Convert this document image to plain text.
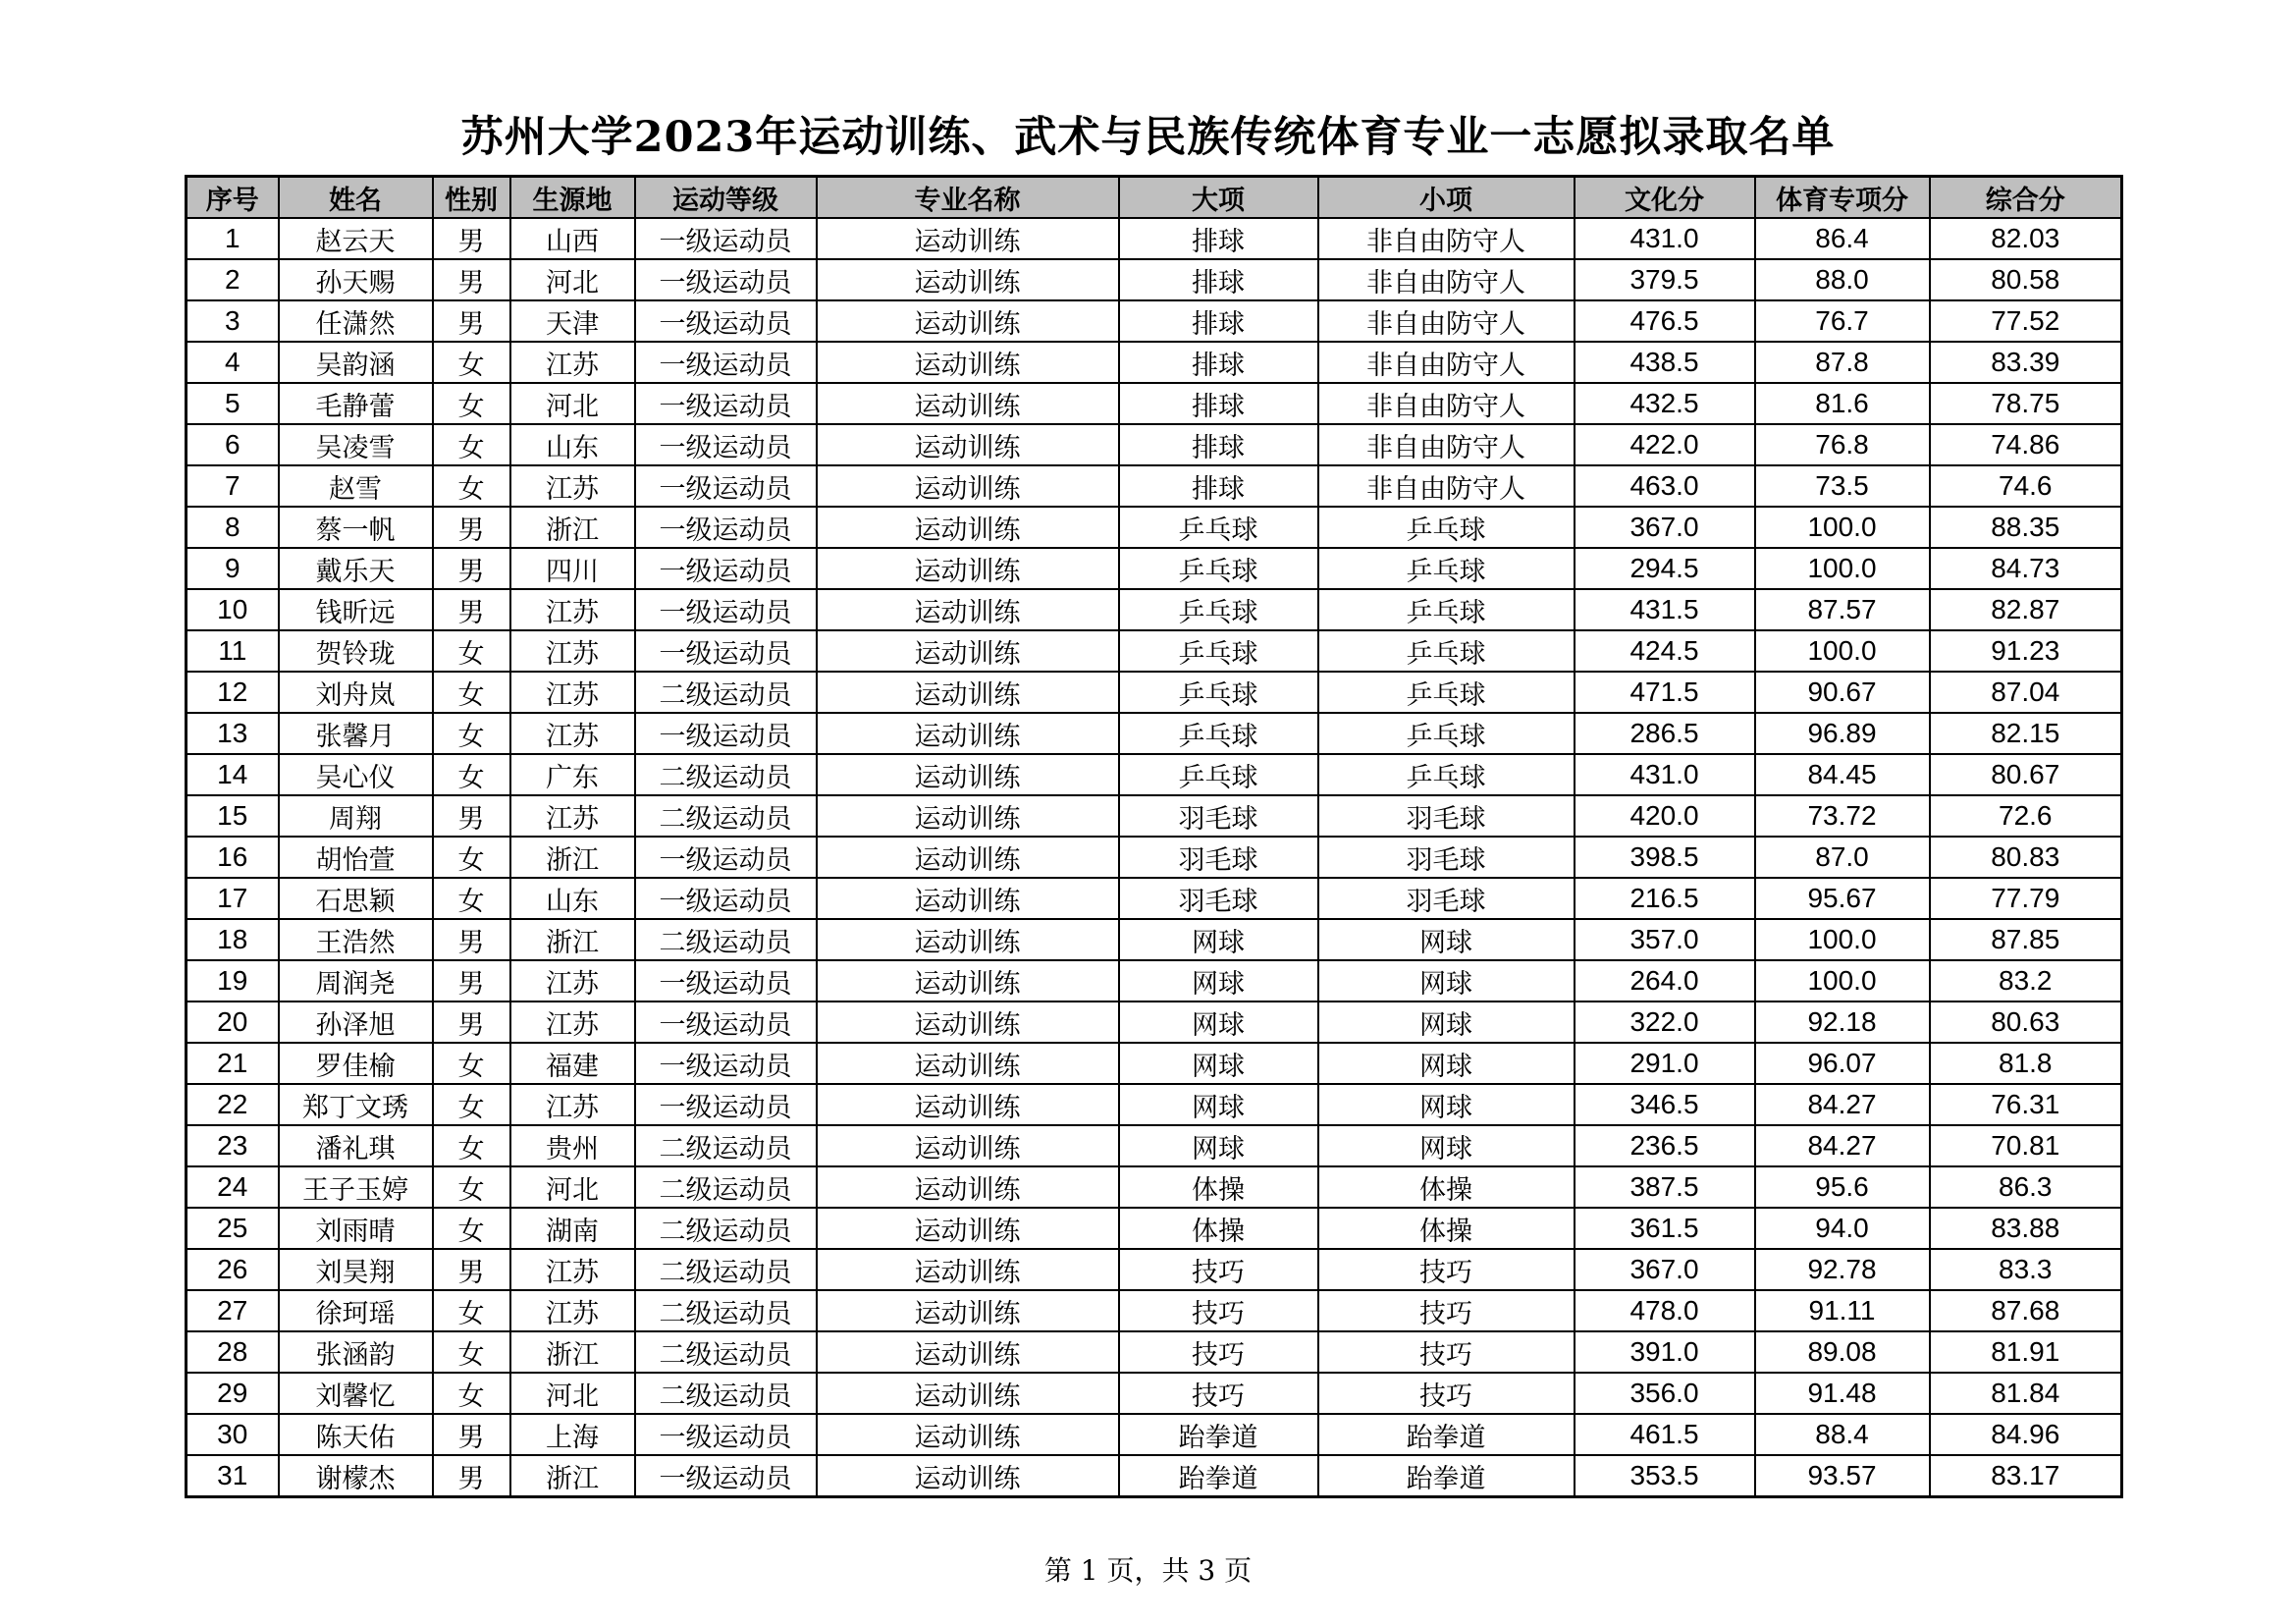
苏州大学2023年运动训练、武术与民族传统体育专业一志愿拟录取名单
序号	姓名	性别	生源地	运动等级	专业名称	大项	小项	文化分	体育专项分	综合分
1	赵云天	男	山西	一级运动员	运动训练	排球	非自由防守人	431.0	86.4	82.03
2	孙天赐	男	河北	一级运动员	运动训练	排球	非自由防守人	379.5	88.0	80.58
3	任潇然	男	天津	一级运动员	运动训练	排球	非自由防守人	476.5	76.7	77.52
4	吴韵涵	女	江苏	一级运动员	运动训练	排球	非自由防守人	438.5	87.8	83.39
5	毛静蕾	女	河北	一级运动员	运动训练	排球	非自由防守人	432.5	81.6	78.75
6	吴凌雪	女	山东	一级运动员	运动训练	排球	非自由防守人	422.0	76.8	74.86
7	赵雪	女	江苏	一级运动员	运动训练	排球	非自由防守人	463.0	73.5	74.6
8	蔡一帆	男	浙江	一级运动员	运动训练	乒乓球	乒乓球	367.0	100.0	88.35
9	戴乐天	男	四川	一级运动员	运动训练	乒乓球	乒乓球	294.5	100.0	84.73
10	钱昕远	男	江苏	一级运动员	运动训练	乒乓球	乒乓球	431.5	87.57	82.87
11	贺铃珑	女	江苏	一级运动员	运动训练	乒乓球	乒乓球	424.5	100.0	91.23
12	刘舟岚	女	江苏	二级运动员	运动训练	乒乓球	乒乓球	471.5	90.67	87.04
13	张馨月	女	江苏	一级运动员	运动训练	乒乓球	乒乓球	286.5	96.89	82.15
14	吴心仪	女	广东	二级运动员	运动训练	乒乓球	乒乓球	431.0	84.45	80.67
15	周翔	男	江苏	二级运动员	运动训练	羽毛球	羽毛球	420.0	73.72	72.6
16	胡怡萱	女	浙江	一级运动员	运动训练	羽毛球	羽毛球	398.5	87.0	80.83
17	石思颖	女	山东	一级运动员	运动训练	羽毛球	羽毛球	216.5	95.67	77.79
18	王浩然	男	浙江	二级运动员	运动训练	网球	网球	357.0	100.0	87.85
19	周润尧	男	江苏	一级运动员	运动训练	网球	网球	264.0	100.0	83.2
20	孙泽旭	男	江苏	一级运动员	运动训练	网球	网球	322.0	92.18	80.63
21	罗佳榆	女	福建	一级运动员	运动训练	网球	网球	291.0	96.07	81.8
22	郑丁文琇	女	江苏	一级运动员	运动训练	网球	网球	346.5	84.27	76.31
23	潘礼琪	女	贵州	二级运动员	运动训练	网球	网球	236.5	84.27	70.81
24	王子玉婷	女	河北	二级运动员	运动训练	体操	体操	387.5	95.6	86.3
25	刘雨晴	女	湖南	二级运动员	运动训练	体操	体操	361.5	94.0	83.88
26	刘昊翔	男	江苏	二级运动员	运动训练	技巧	技巧	367.0	92.78	83.3
27	徐珂瑶	女	江苏	二级运动员	运动训练	技巧	技巧	478.0	91.11	87.68
28	张涵韵	女	浙江	二级运动员	运动训练	技巧	技巧	391.0	89.08	81.91
29	刘馨忆	女	河北	二级运动员	运动训练	技巧	技巧	356.0	91.48	81.84
30	陈天佑	男	上海	一级运动员	运动训练	跆拳道	跆拳道	461.5	88.4	84.96
31	谢檬杰	男	浙江	一级运动员	运动训练	跆拳道	跆拳道	353.5	93.57	83.17
第 1 页，共 3 页
